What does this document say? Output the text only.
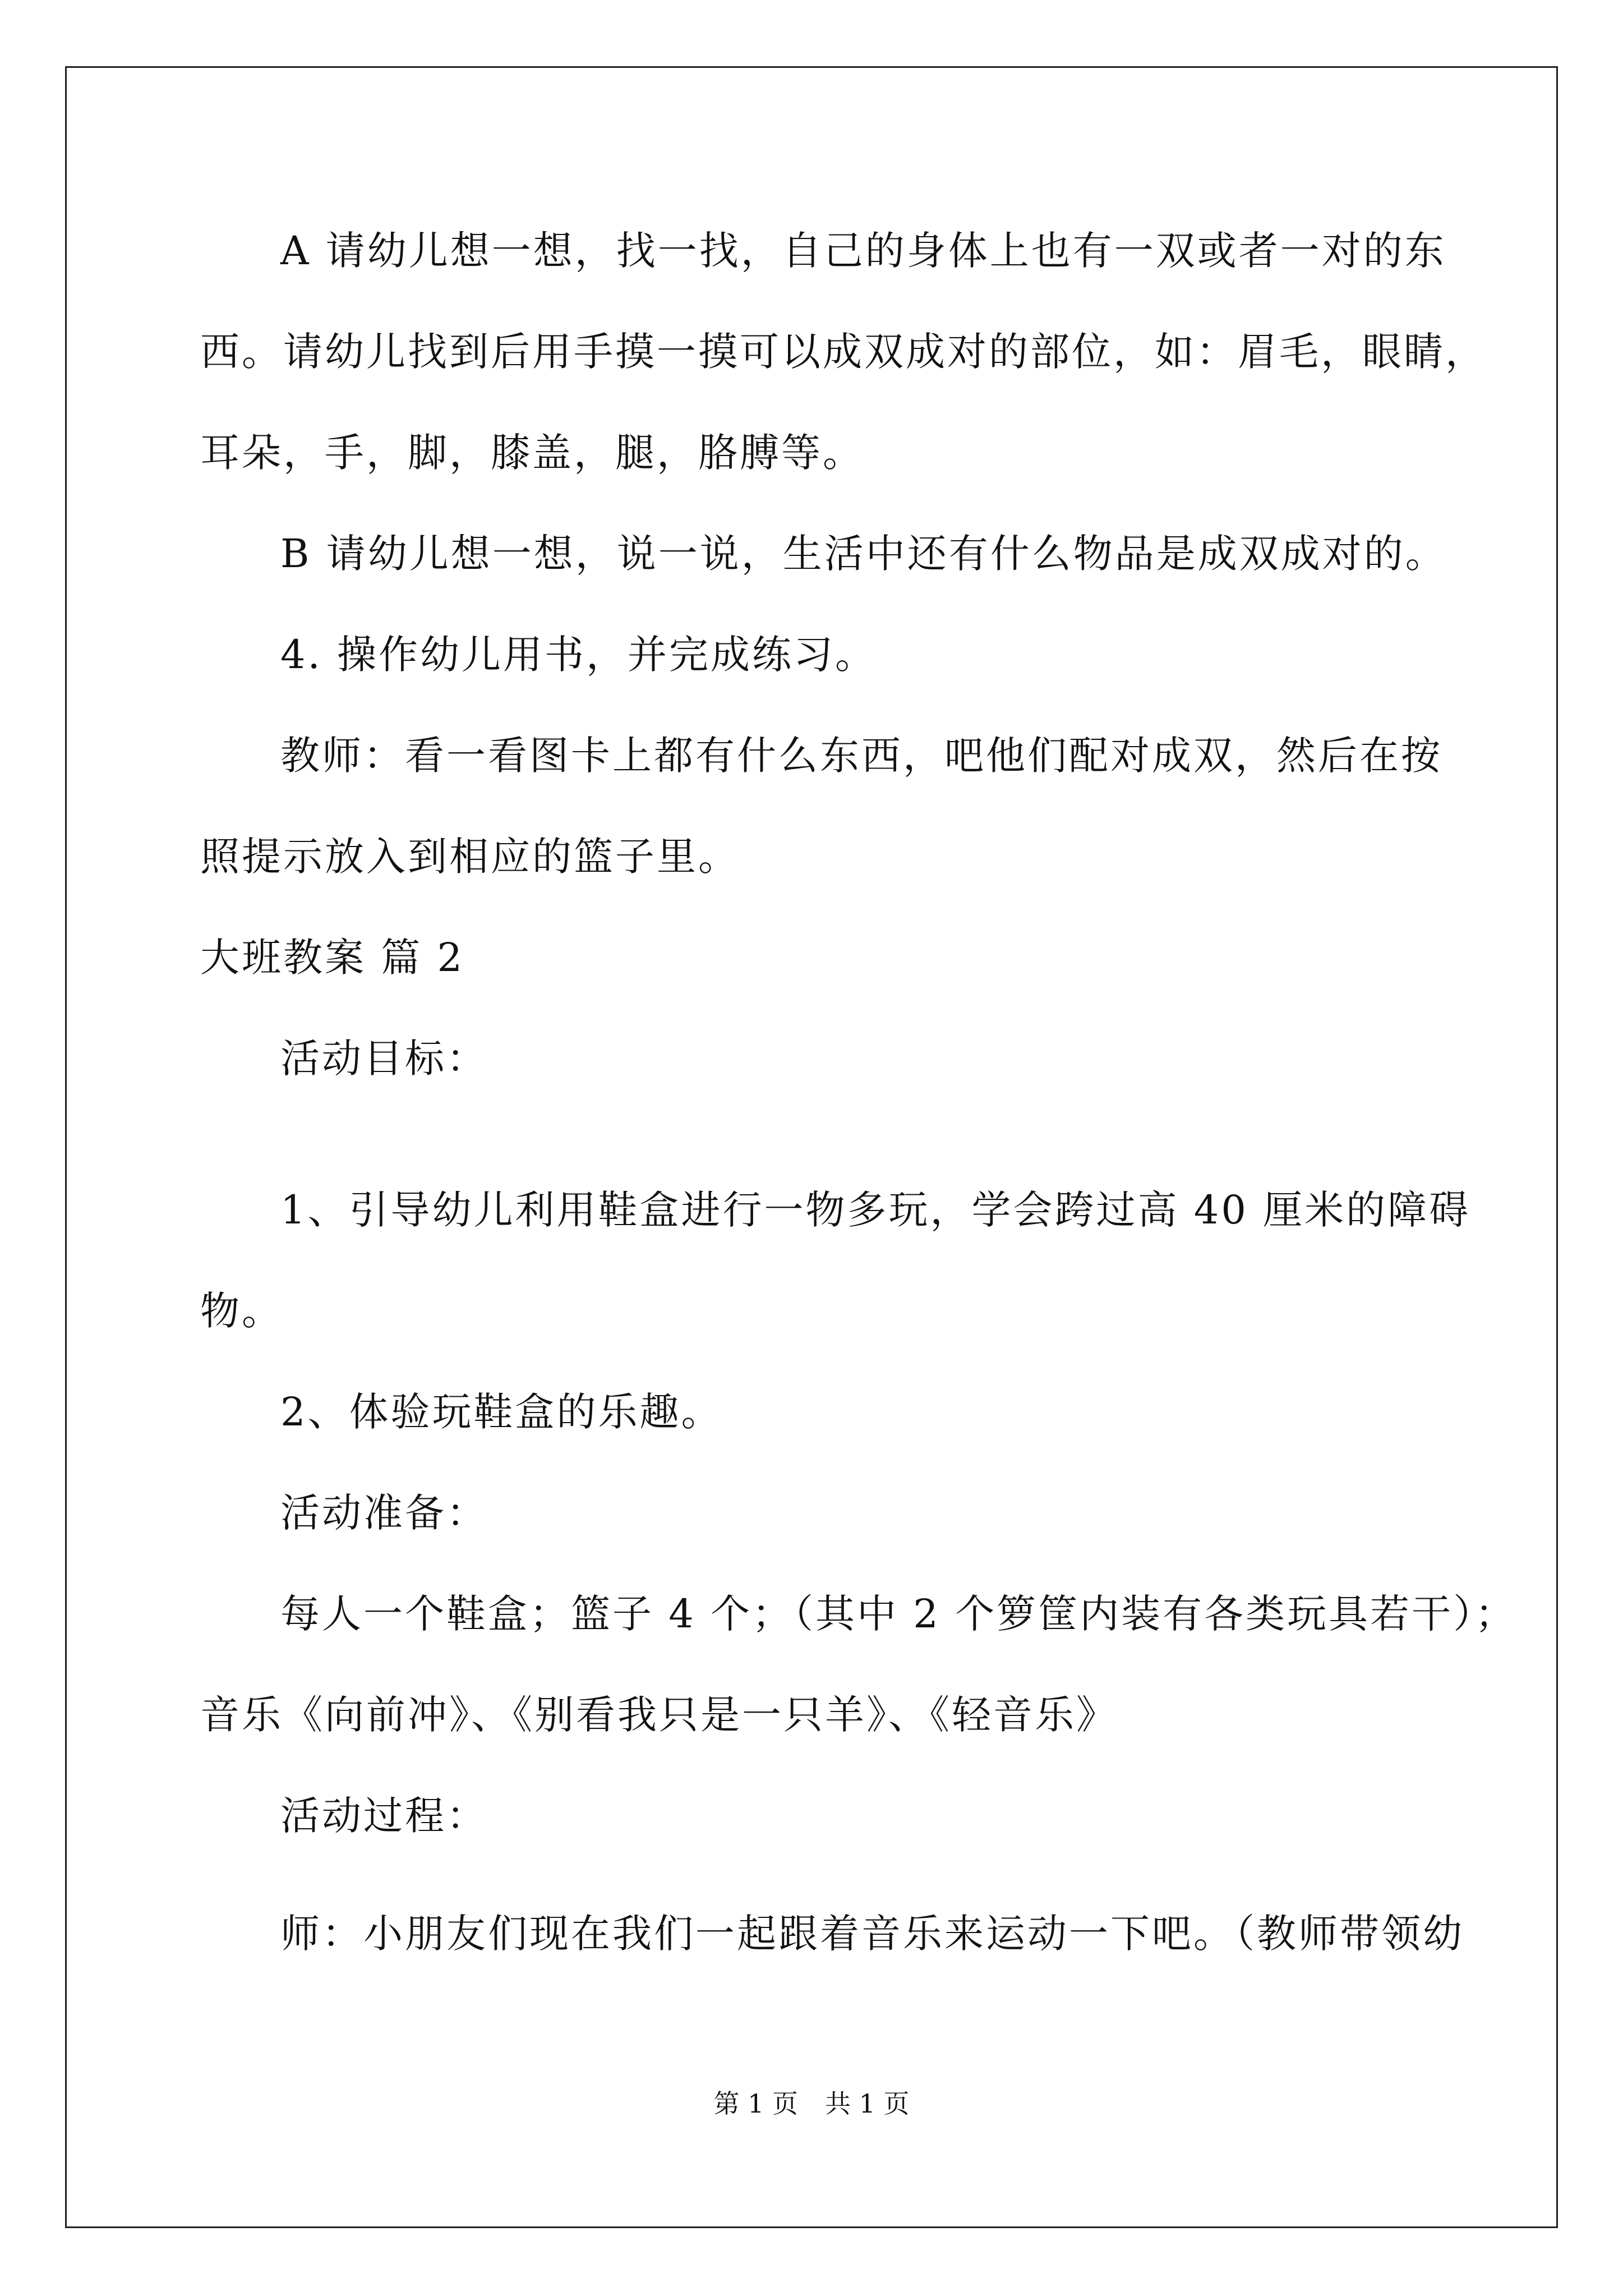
A 请幼儿想一想，找一找，自己的身体上也有一双或者一对的东
西。请幼儿找到后用手摸一摸可以成双成对的部位，如：眉毛，眼睛，
耳朵，手，脚，膝盖，腿，胳膊等。
B 请幼儿想一想，说一说，生活中还有什么物品是成双成对的。
4. 操作幼儿用书，并完成练习。
教师：看一看图卡上都有什么东西，吧他们配对成双，然后在按
照提示放入到相应的篮子里。
大班教案 篇 2
活动目标：
1、引导幼儿利用鞋盒进行一物多玩，学会跨过高 40 厘米的障碍
物。
2、体验玩鞋盒的乐趣。
活动准备：
每人一个鞋盒；篮子 4 个；（其中 2 个箩筐内装有各类玩具若干）；
音乐《向前冲》、《别看我只是一只羊》、《轻音乐》
活动过程：
师：小朋友们现在我们一起跟着音乐来运动一下吧。（教师带领幼
第 1 页 共 1 页
